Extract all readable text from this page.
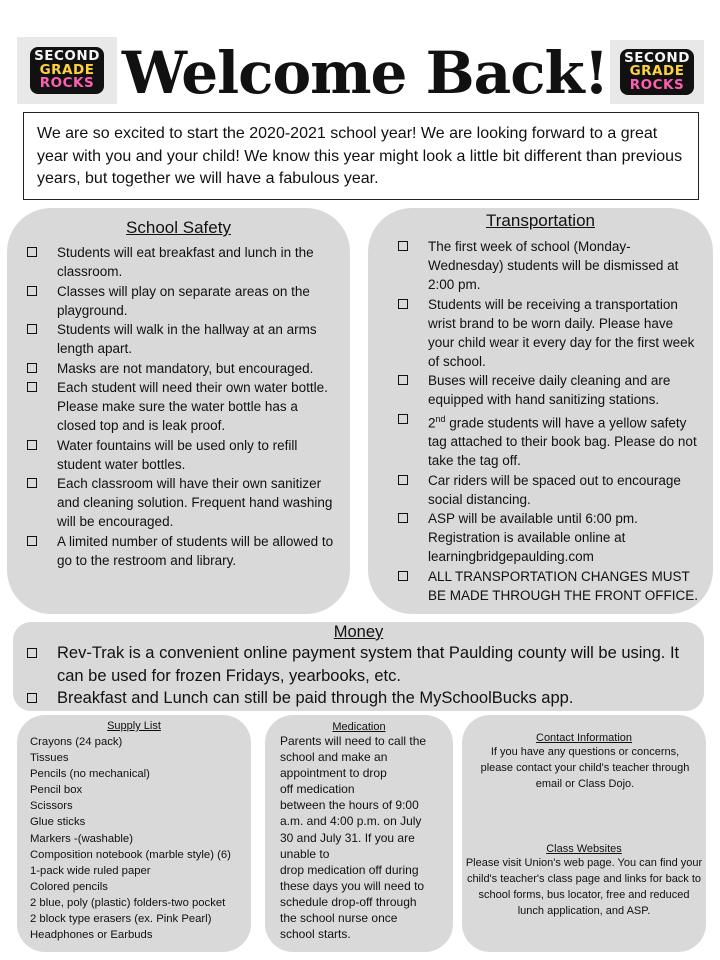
SECOND
GRADE
ROCKS
SECOND
GRADE
ROCKS
Welcome Back!
We are so excited to start the 2020-2021 school year! We are looking forward to a great year with you and your child! We know this year might look a little bit different than previous years, but together we will have a fabulous year.
School Safety
Students will eat breakfast and lunch in the classroom.
Classes will play on separate areas on the playground.
Students will walk in the hallway at an arms length apart.
Masks are not mandatory, but encouraged.
Each student will need their own water bottle. Please make sure the water bottle has a closed top and is leak proof.
Water fountains will be used only to refill student water bottles.
Each classroom will have their own sanitizer and cleaning solution. Frequent hand washing will be encouraged.
A limited number of students will be allowed to go to the restroom and library.
Transportation
The first week of school (Monday-Wednesday) students will be dismissed at 2:00 pm.
Students will be receiving a transportation wrist brand to be worn daily. Please have your child wear it every day for the first week of school.
Buses will receive daily cleaning and are equipped with hand sanitizing stations.
2nd grade students will have a yellow safety tag attached to their book bag. Please do not take the tag off.
Car riders will be spaced out to encourage social distancing.
ASP will be available until 6:00 pm. Registration is available online at learningbridgepaulding.com
ALL TRANSPORTATION CHANGES MUST BE MADE THROUGH THE FRONT OFFICE.
Money
Rev-Trak is a convenient online payment system that Paulding county will be using. It can be used for frozen Fridays, yearbooks, etc.
Breakfast and Lunch can still be paid through the MySchoolBucks app.
Supply List
Crayons (24 pack)
Tissues
Pencils (no mechanical)
Pencil box
Scissors
Glue sticks
Markers -(washable)
Composition notebook (marble style) (6)
1-pack wide ruled paper
Colored pencils
2 blue, poly (plastic) folders-two pocket
2 block type erasers (ex. Pink Pearl)
Headphones or Earbuds
Medication
Parents will need to call the
school and make an
appointment to drop
off medication
between the hours of 9:00
a.m. and 4:00 p.m. on July
30 and July 31. If you are
unable to
drop medication off during
these days you will need to
schedule drop-off through
the school nurse once
school starts.
Contact Information
If you have any questions or concerns, please contact your child's teacher through email or Class Dojo.
Class Websites
Please visit Union's web page. You can find your child's teacher's class page and links for back to school forms, bus locator, free and reduced lunch application, and ASP.
